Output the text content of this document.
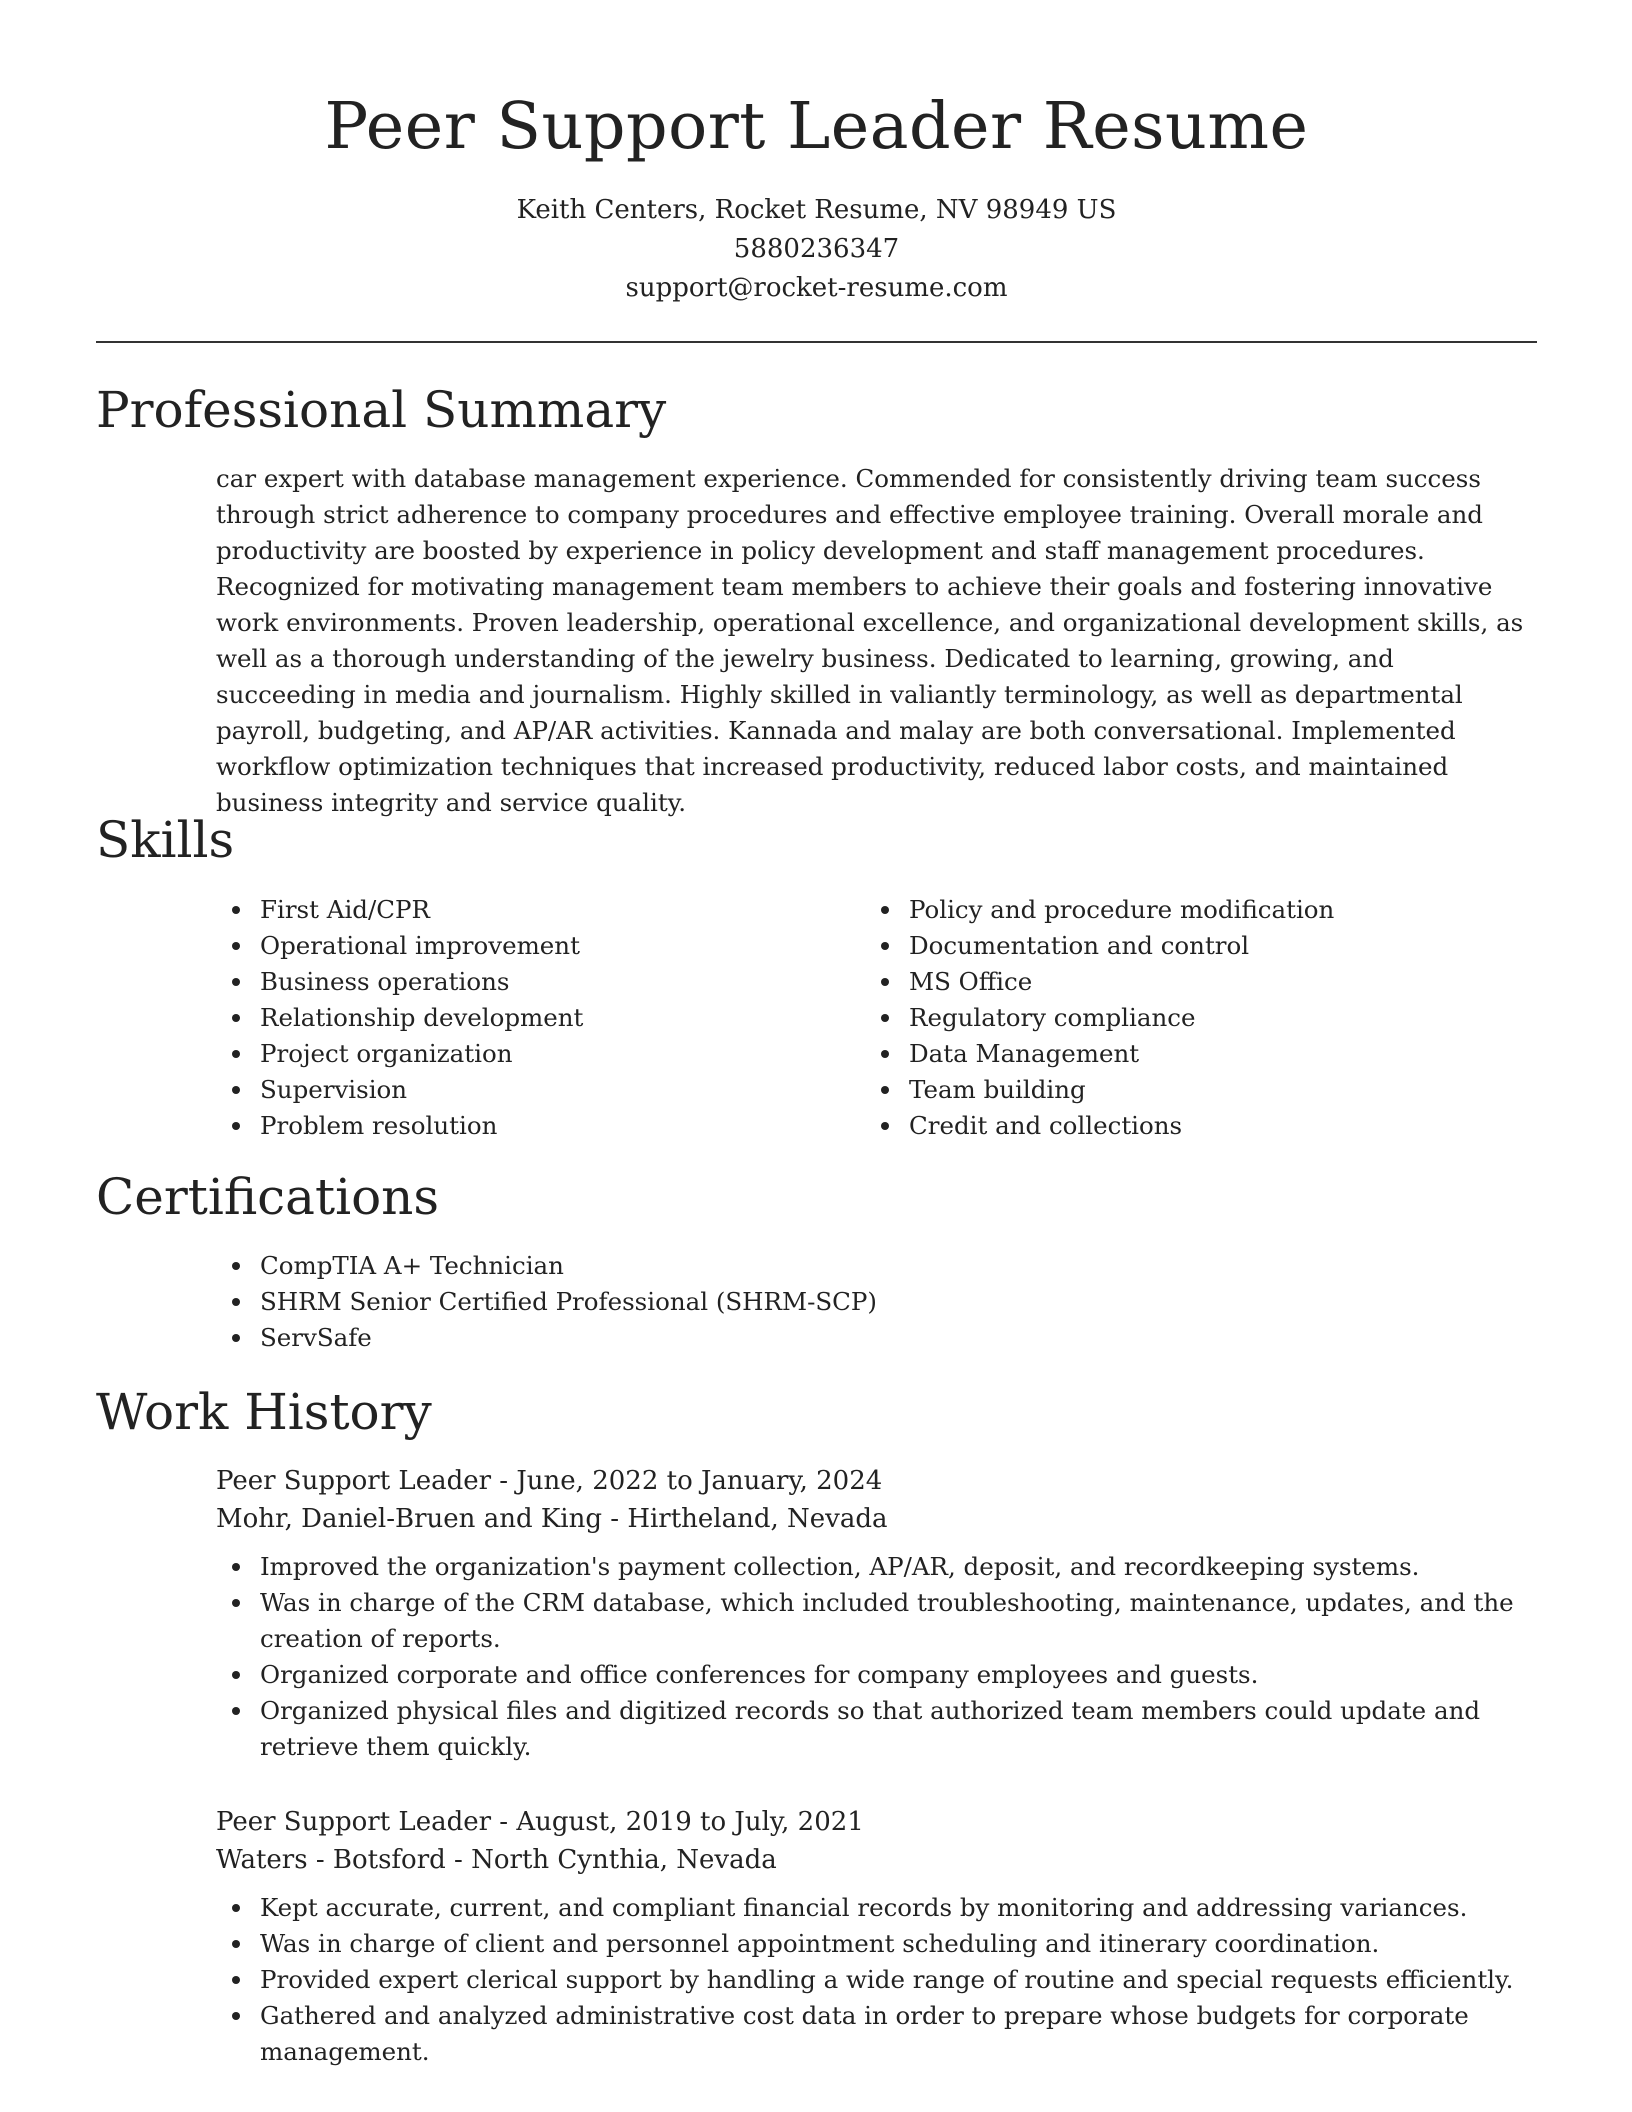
Peer Support Leader Resume
Keith Centers, Rocket Resume, NV 98949 US
5880236347
support@rocket-resume.com
Professional Summary

car expert with database management experience. Commended for consistently driving team success through strict adherence to company procedures and effective employee training. Overall morale and productivity are boosted by experience in policy development and staff management procedures. Recognized for motivating management team members to achieve their goals and fostering innovative work environments. Proven leadership, operational excellence, and organizational development skills, as well as a thorough understanding of the jewelry business. Dedicated to learning, growing, and succeeding in media and journalism. Highly skilled in valiantly terminology, as well as departmental payroll, budgeting, and AP/AR activities. Kannada and malay are both conversational. Implemented workflow optimization techniques that increased productivity, reduced labor costs, and maintained business integrity and service quality.

Skills
First Aid/CPR
Operational improvement
Business operations
Relationship development
Project organization
Supervision
Problem resolution
Policy and procedure modification
Documentation and control
MS Office
Regulatory compliance
Data Management
Team building
Credit and collections
Certifications
CompTIA A+ Technician
SHRM Senior Certified Professional (SHRM-SCP)
ServSafe
Work History
Peer Support Leader - June, 2022 to January, 2024
Mohr, Daniel-Bruen and King - Hirtheland, Nevada
Improved the organization's payment collection, AP/AR, deposit, and recordkeeping systems.
Was in charge of the CRM database, which included troubleshooting, maintenance, updates, and the creation of reports.
Organized corporate and office conferences for company employees and guests.
Organized physical files and digitized records so that authorized team members could update and retrieve them quickly.
Peer Support Leader - August, 2019 to July, 2021
Waters - Botsford - North Cynthia, Nevada
Kept accurate, current, and compliant financial records by monitoring and addressing variances.
Was in charge of client and personnel appointment scheduling and itinerary coordination.
Provided expert clerical support by handling a wide range of routine and special requests efficiently.
Gathered and analyzed administrative cost data in order to prepare whose budgets for corporate management.
